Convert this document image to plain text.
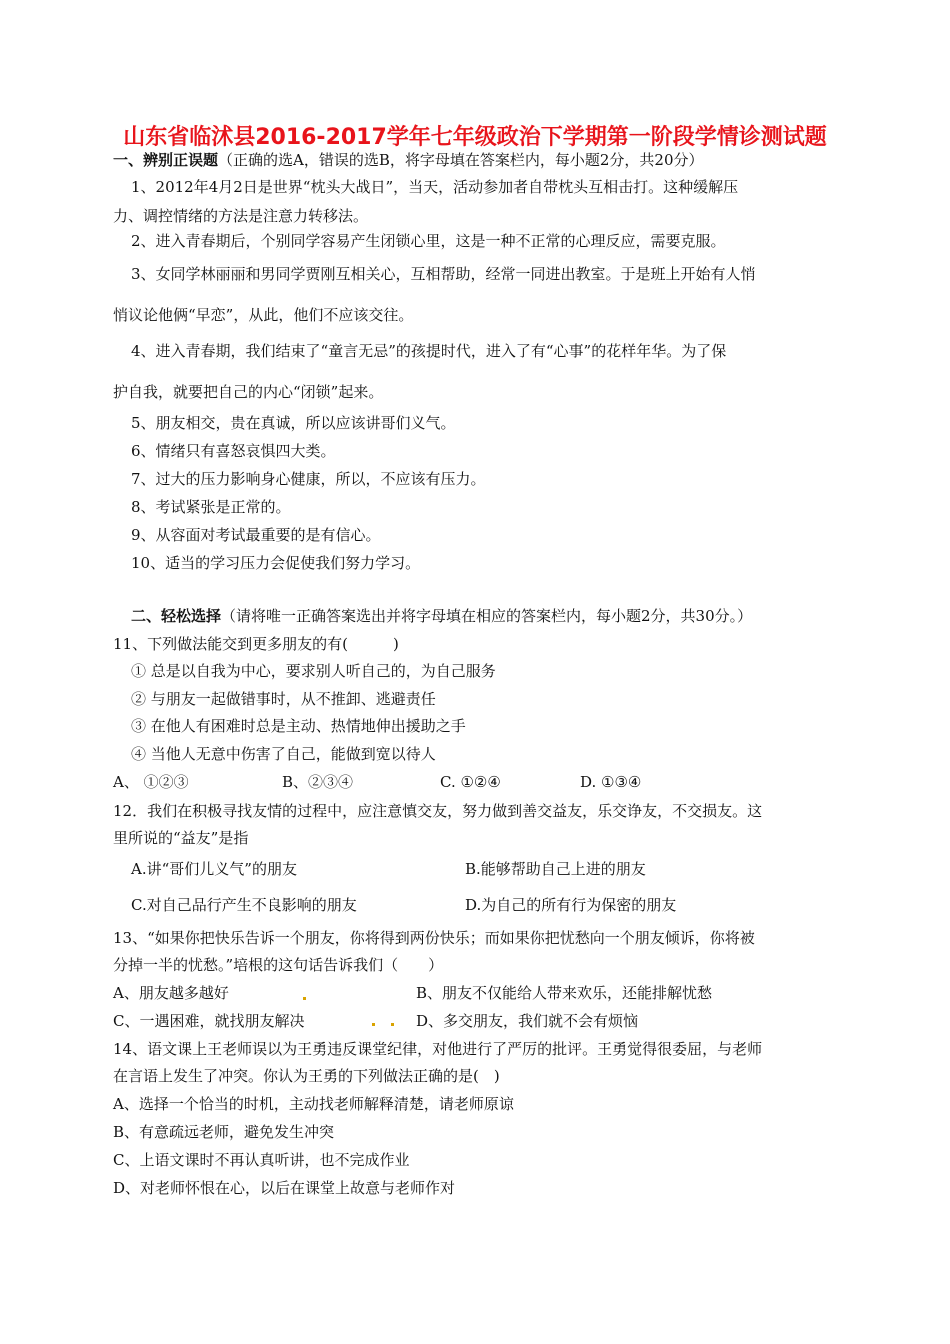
山东省临沭县2016-2017学年七年级政治下学期第一阶段学情诊测试题
一、辨别正误题（正确的选A，错误的选B，将字母填在答案栏内，每小题2分，共20分）
1、2012年4月2日是世界“枕头大战日”，当天，活动参加者自带枕头互相击打。这种缓解压
力、调控情绪的方法是注意力转移法。
2、进入青春期后，个别同学容易产生闭锁心里，这是一种不正常的心理反应，需要克服。
3、女同学林丽丽和男同学贾刚互相关心，互相帮助，经常一同进出教室。于是班上开始有人悄
悄议论他俩“早恋”，从此，他们不应该交往。
4、进入青春期，我们结束了“童言无忌”的孩提时代，进入了有“心事”的花样年华。为了保
护自我，就要把自己的内心“闭锁”起来。
5、朋友相交，贵在真诚，所以应该讲哥们义气。
6、情绪只有喜怒哀惧四大类。
7、过大的压力影响身心健康，所以，不应该有压力。
8、考试紧张是正常的。
9、从容面对考试最重要的是有信心。
10、适当的学习压力会促使我们努力学习。
二、轻松选择（请将唯一正确答案选出并将字母填在相应的答案栏内，每小题2分，共30分。）
11、下列做法能交到更多朋友的有(　　　)
① 总是以自我为中心，要求别人听自己的，为自己服务
② 与朋友一起做错事时，从不推卸、逃避责任
③ 在他人有困难时总是主动、热情地伸出援助之手
④ 当他人无意中伤害了自己，能做到宽以待人
A、 ①②③	B、②③④	C. ①②④	D. ①③④
12．我们在积极寻找友情的过程中，应注意慎交友，努力做到善交益友，乐交诤友，不交损友。这
里所说的“益友”是指
A.讲“哥们儿义气”的朋友	B.能够帮助自己上进的朋友
C.对自己品行产生不良影响的朋友	D.为自己的所有行为保密的朋友
13、“如果你把快乐告诉一个朋友，你将得到两份快乐；而如果你把忧愁向一个朋友倾诉，你将被
分掉一半的忧愁。”培根的这句话告诉我们（　　）
A、朋友越多越好	B、朋友不仅能给人带来欢乐，还能排解忧愁
C、一遇困难，就找朋友解决	D、多交朋友，我们就不会有烦恼
14、语文课上王老师误以为王勇违反课堂纪律，对他进行了严厉的批评。王勇觉得很委屈，与老师
在言语上发生了冲突。你认为王勇的下列做法正确的是(　)
A、选择一个恰当的时机，主动找老师解释清楚，请老师原谅
B、有意疏远老师，避免发生冲突
C、上语文课时不再认真听讲，也不完成作业
D、对老师怀恨在心，以后在课堂上故意与老师作对
